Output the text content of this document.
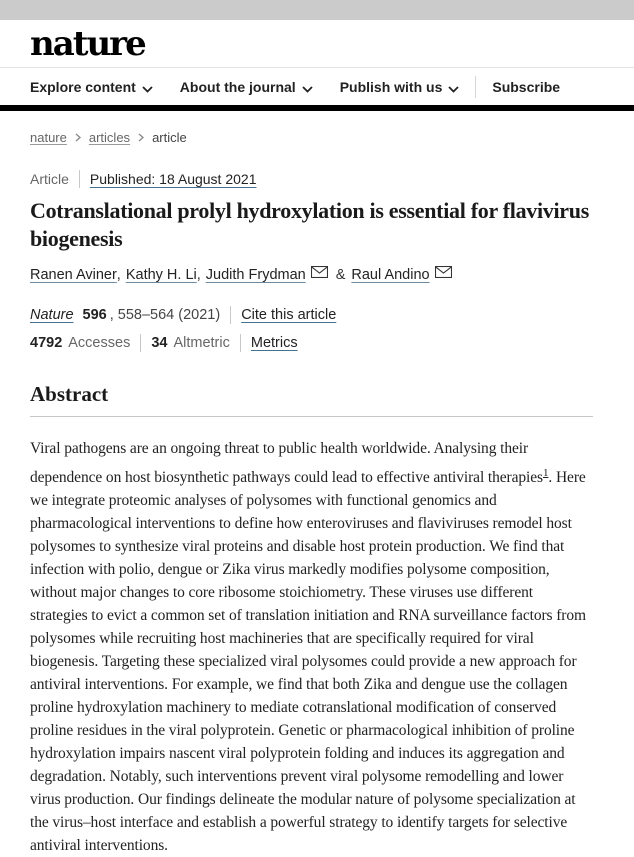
nature
Explore content	About the journal	Publish with us	Subscribe
nature articles article
Article Published: 18 August 2021
Cotranslational prolyl hydroxylation is essential for flavivirus biogenesis
Ranen Aviner , Kathy H. Li , Judith Frydman & Raul Andino
Nature 596 , 558–564 (2021) Cite this article
4792 Accesses 34 Altmetric Metrics
Abstract

Viral pathogens are an ongoing threat to public health worldwide. Analysing their dependence on host biosynthetic pathways could lead to effective antiviral therapies$^1$. Here we integrate proteomic analyses of polysomes with functional genomics and pharmacological interventions to define how enteroviruses and flaviviruses remodel host polysomes to synthesize viral proteins and disable host protein production. We find that infection with polio, dengue or Zika virus markedly modifies polysome composition, without major changes to core ribosome stoichiometry. These viruses use different strategies to evict a common set of translation initiation and RNA surveillance factors from polysomes while recruiting host machineries that are specifically required for viral biogenesis. Targeting these specialized viral polysomes could provide a new approach for antiviral interventions. For example, we find that both Zika and dengue use the collagen proline hydroxylation machinery to mediate cotranslational modification of conserved proline residues in the viral polyprotein. Genetic or pharmacological inhibition of proline hydroxylation impairs nascent viral polyprotein folding and induces its aggregation and degradation. Notably, such interventions prevent viral polysome remodelling and lower virus production. Our findings delineate the modular nature of polysome specialization at the virus–host interface and establish a powerful strategy to identify targets for selective antiviral interventions.
